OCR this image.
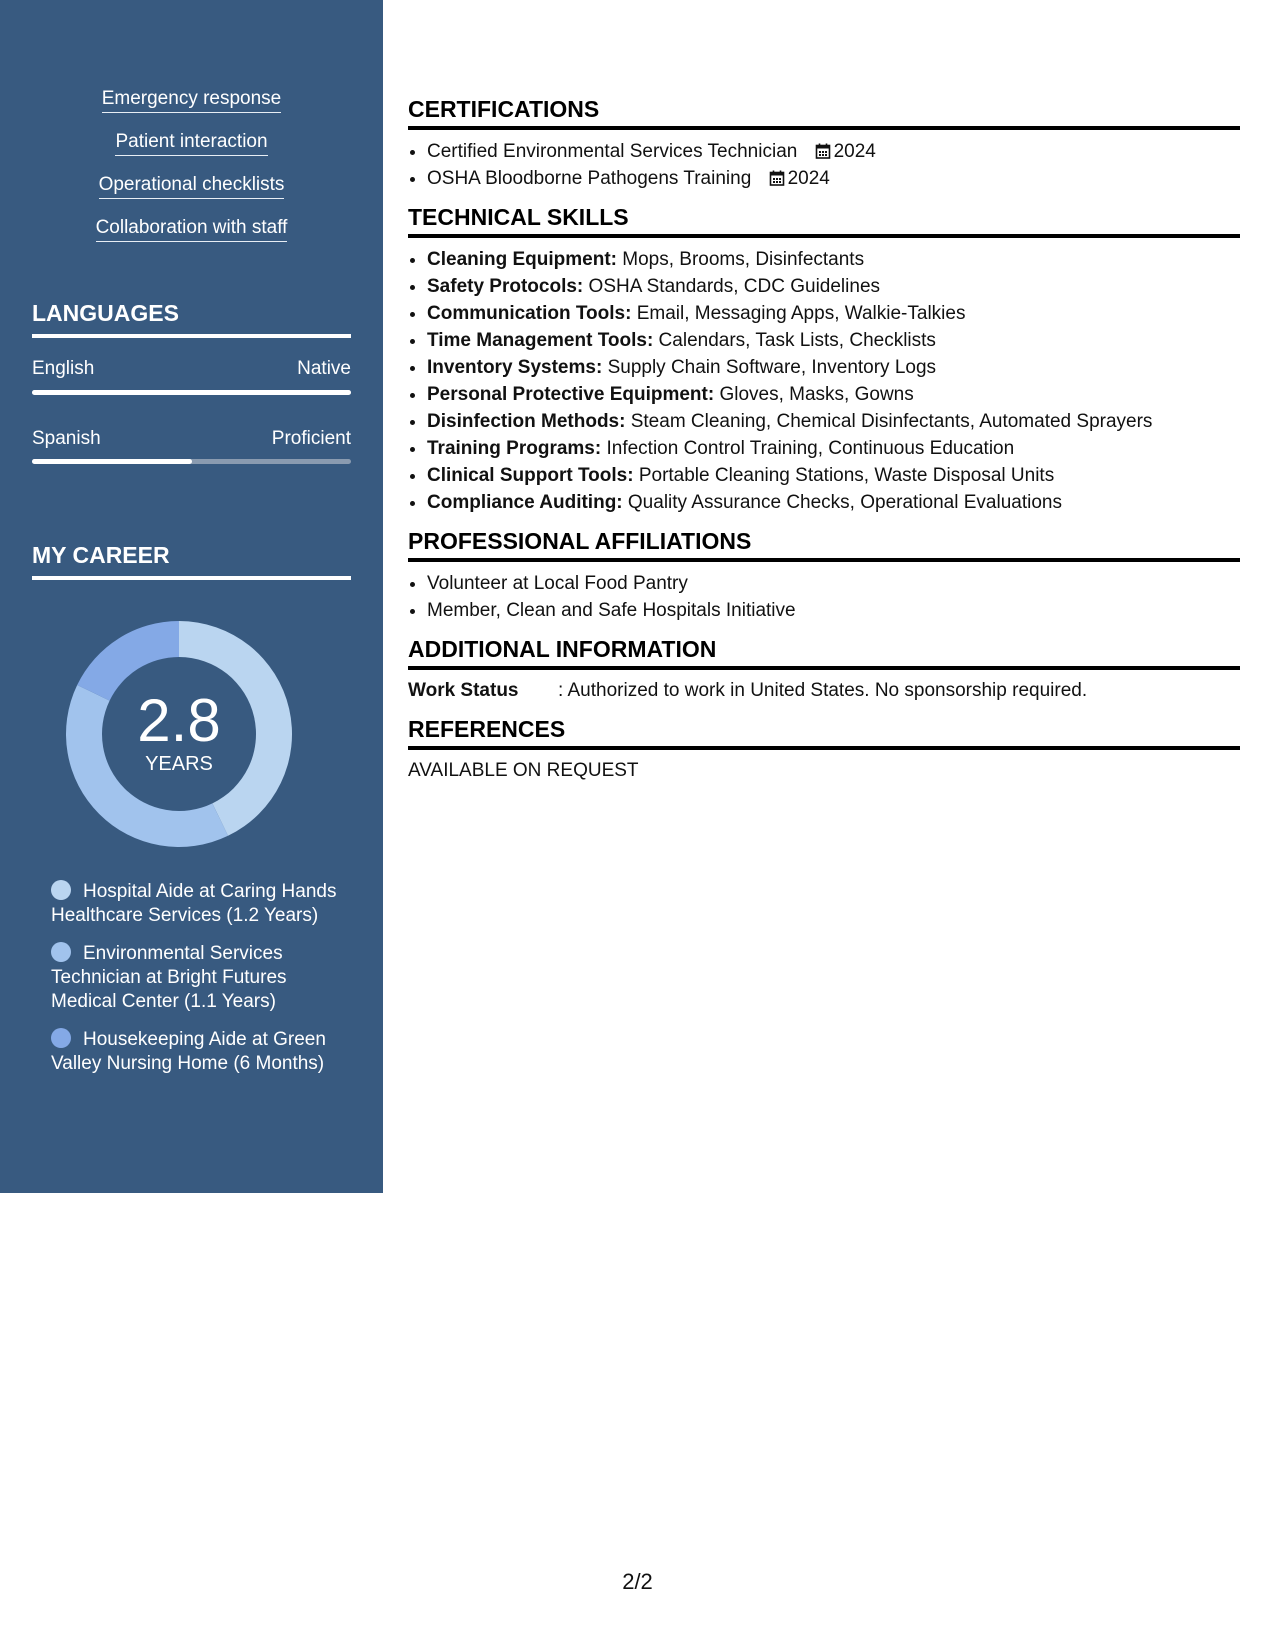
Emergency response
Patient interaction
Operational checklists
Collaboration with staff
LANGUAGES
English	Native
Spanish	Proficient
MY CAREER
2.8
YEARS
Hospital Aide at Caring Hands Healthcare Services (1.2 Years)
Environmental Services Technician at Bright Futures Medical Center (1.1 Years)
Housekeeping Aide at Green Valley Nursing Home (6 Months)
CERTIFICATIONS
• Certified Environmental Services Technician 2024
• OSHA Bloodborne Pathogens Training 2024
TECHNICAL SKILLS
• Cleaning Equipment: Mops, Brooms, Disinfectants
• Safety Protocols: OSHA Standards, CDC Guidelines
• Communication Tools: Email, Messaging Apps, Walkie-Talkies
• Time Management Tools: Calendars, Task Lists, Checklists
• Inventory Systems: Supply Chain Software, Inventory Logs
• Personal Protective Equipment: Gloves, Masks, Gowns
• Disinfection Methods: Steam Cleaning, Chemical Disinfectants, Automated Sprayers
• Training Programs: Infection Control Training, Continuous Education
• Clinical Support Tools: Portable Cleaning Stations, Waste Disposal Units
• Compliance Auditing: Quality Assurance Checks, Operational Evaluations
PROFESSIONAL AFFILIATIONS
• Volunteer at Local Food Pantry
• Member, Clean and Safe Hospitals Initiative
ADDITIONAL INFORMATION
Work Status : Authorized to work in United States. No sponsorship required.
REFERENCES
AVAILABLE ON REQUEST
2/2
